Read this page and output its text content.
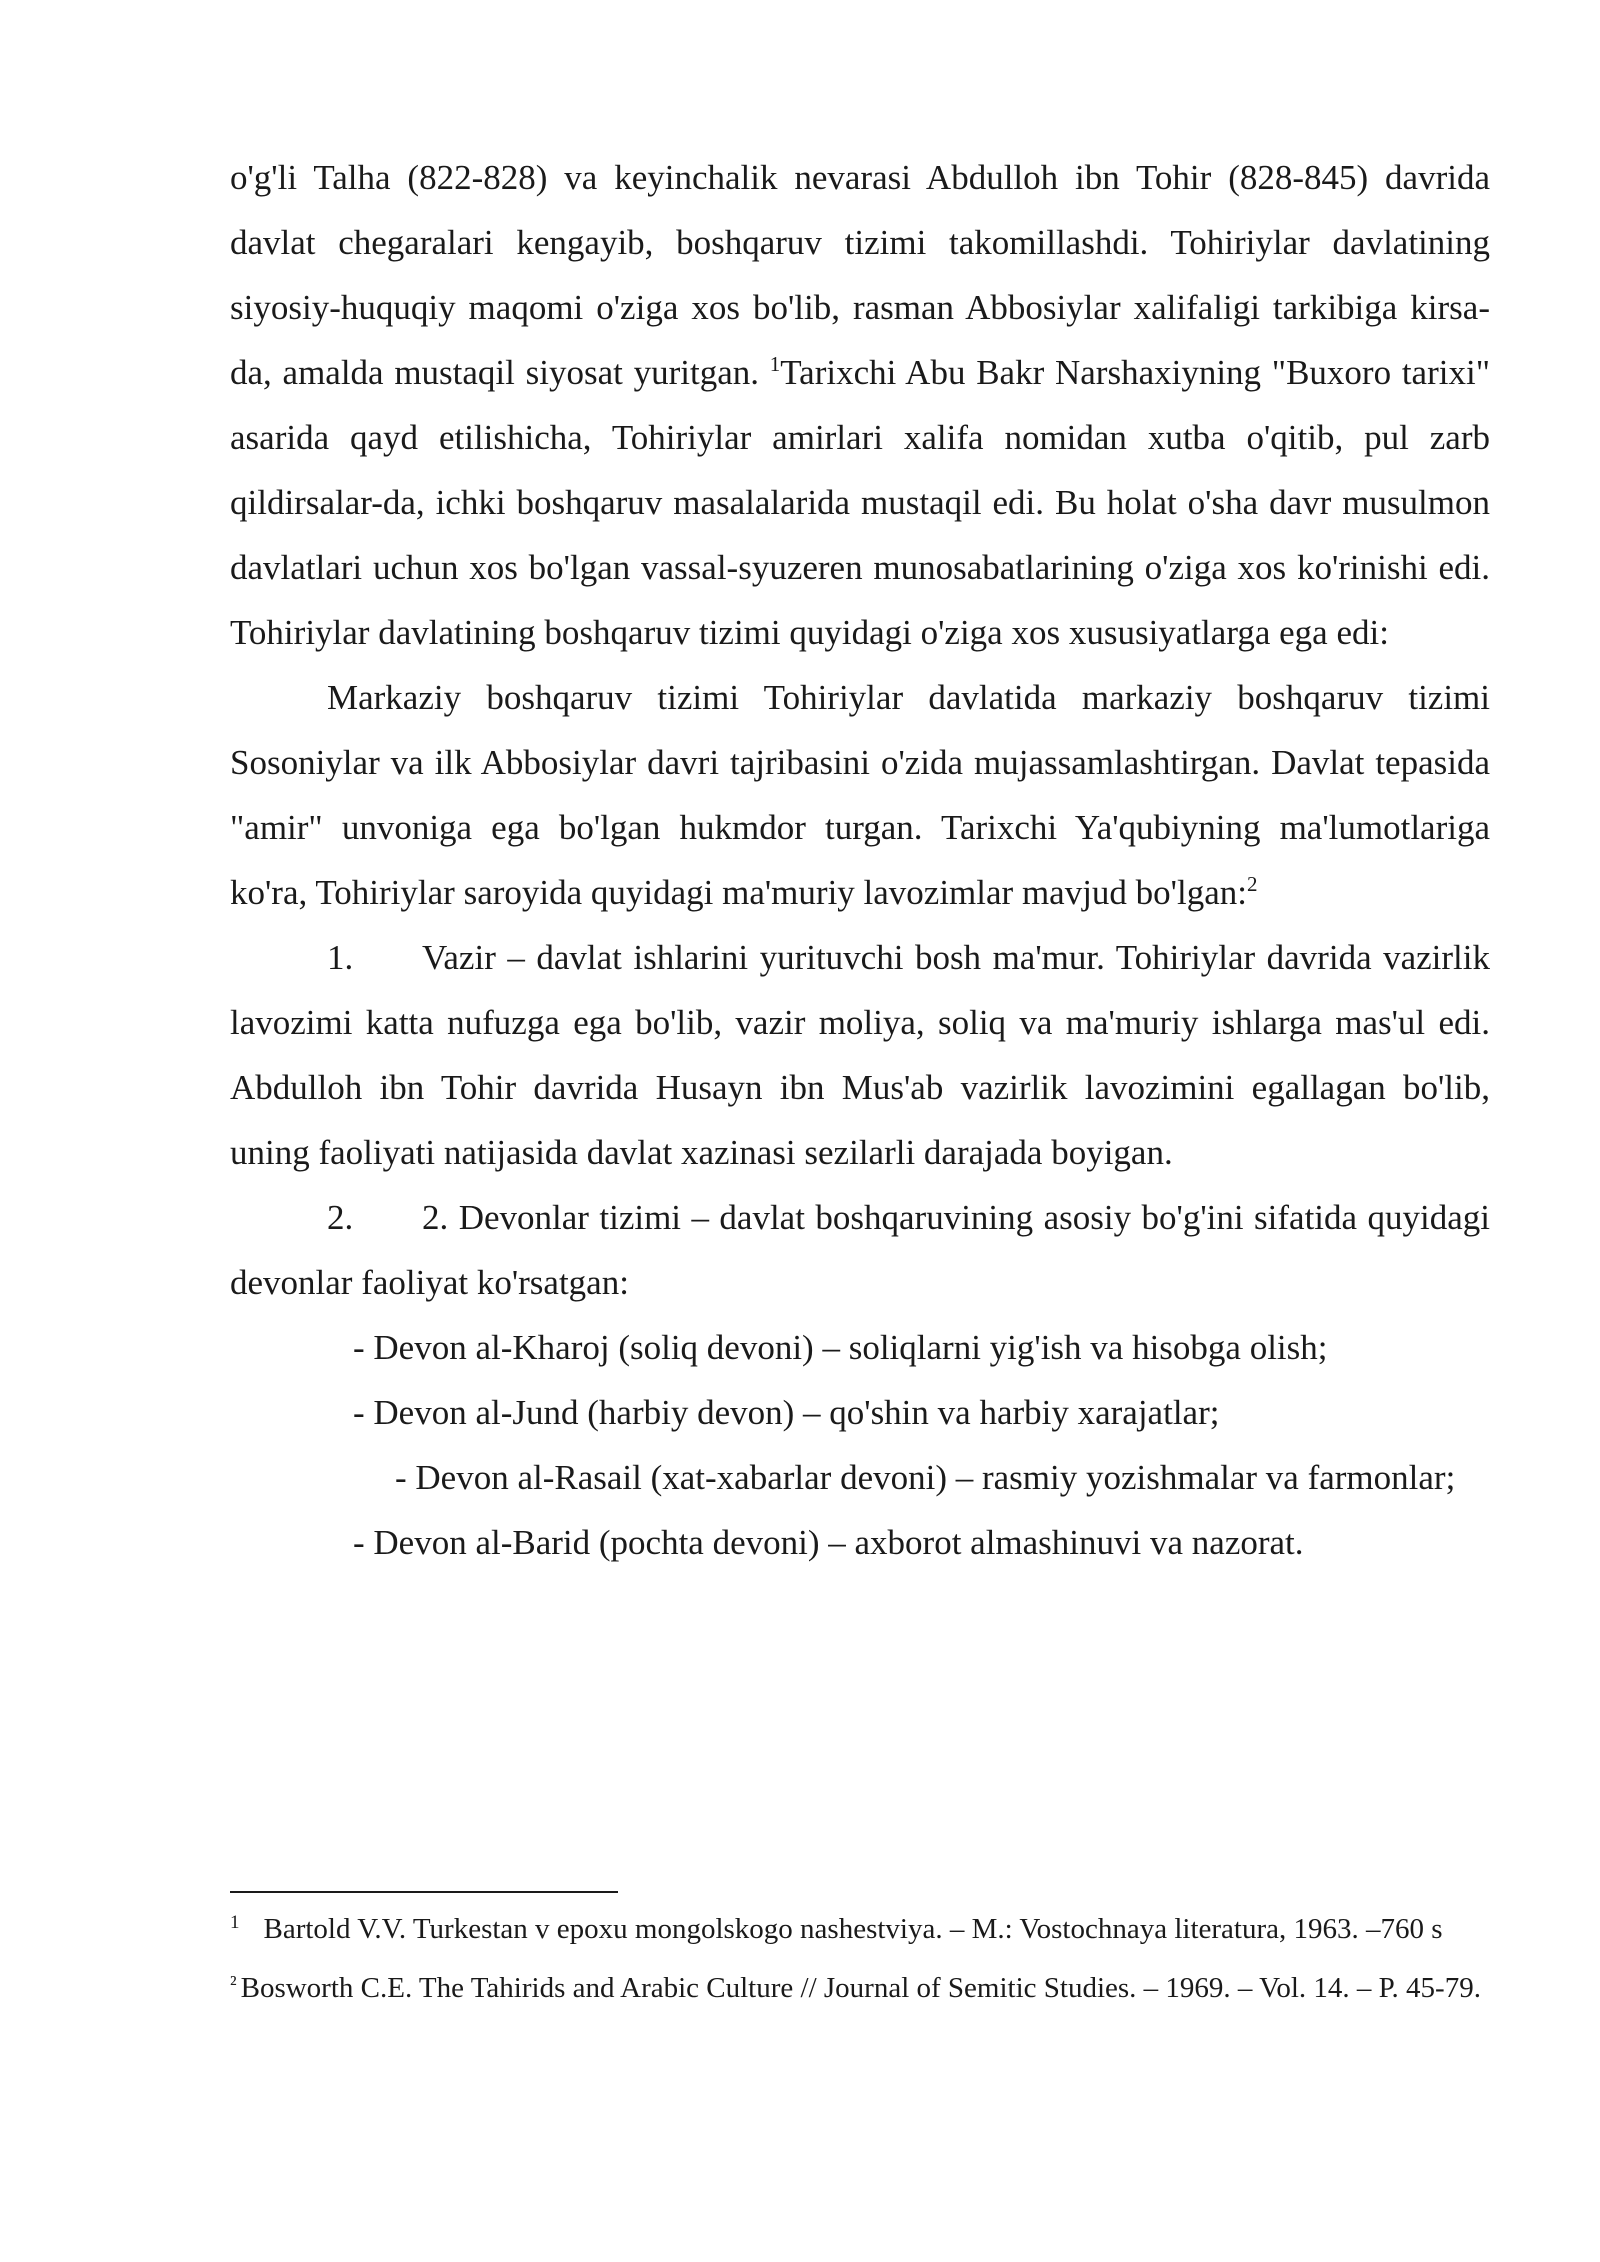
o'g'li Talha (822-828) va keyinchalik nevarasi Abdulloh ibn Tohir (828-845) davrida davlat chegaralari kengayib, boshqaruv tizimi takomillashdi. Tohiriylar davlatining siyosiy-huquqiy maqomi o'ziga xos bo'lib, rasman Abbosiylar xalifaligi tarkibiga kirsa-da, amalda mustaqil siyosat yuritgan. $^1$Tarixchi Abu Bakr Narshaxiyning "Buxoro tarixi" asarida qayd etilishicha, Tohiriylar amirlari xalifa nomidan xutba o'qitib, pul zarb qildirsalar-da, ichki boshqaruv masalalarida mustaqil edi. Bu holat o'sha davr musulmon davlatlari uchun xos bo'lgan vassal-syuzeren munosabatlarining o'ziga xos ko'rinishi edi. Tohiriylar davlatining boshqaruv tizimi quyidagi o'ziga xos xususiyatlarga ega edi:

Markaziy boshqaruv tizimi Tohiriylar davlatida markaziy boshqaruv tizimi Sosoniylar va ilk Abbosiylar davri tajribasini o'zida mujassamlashtirgan. Davlat tepasida "amir" unvoniga ega bo'lgan hukmdor turgan. Tarixchi Ya'qubiyning ma'lumotlariga ko'ra, Tohiriylar saroyida quyidagi ma'muriy lavozimlar mavjud bo'lgan:$^2$

1. Vazir – davlat ishlarini yurituvchi bosh ma'mur. Tohiriylar davrida vazirlik lavozimi katta nufuzga ega bo'lib, vazir moliya, soliq va ma'muriy ishlarga mas'ul edi. Abdulloh ibn Tohir davrida Husayn ibn Mus'ab vazirlik lavozimini egallagan bo'lib, uning faoliyati natijasida davlat xazinasi sezilarli darajada boyigan.

2. 2. Devonlar tizimi – davlat boshqaruvining asosiy bo'g'ini sifatida quyidagi devonlar faoliyat ko'rsatgan:

- Devon al-Kharoj (soliq devoni) – soliqlarni yig'ish va hisobga olish;

- Devon al-Jund (harbiy devon) – qo'shin va harbiy xarajatlar;

- Devon al-Rasail (xat-xabarlar devoni) – rasmiy yozishmalar va farmonlar;

- Devon al-Barid (pochta devoni) – axborot almashinuvi va nazorat.

$^1$ Bartold V.V. Turkestan v epoxu mongolskogo nashestviya. – M.: Vostochnaya literatura, 1963. –760 s

$^{^2}$ Bosworth C.E. The Tahirids and Arabic Culture // Journal of Semitic Studies. – 1969. – Vol. 14. – P. 45-79.
